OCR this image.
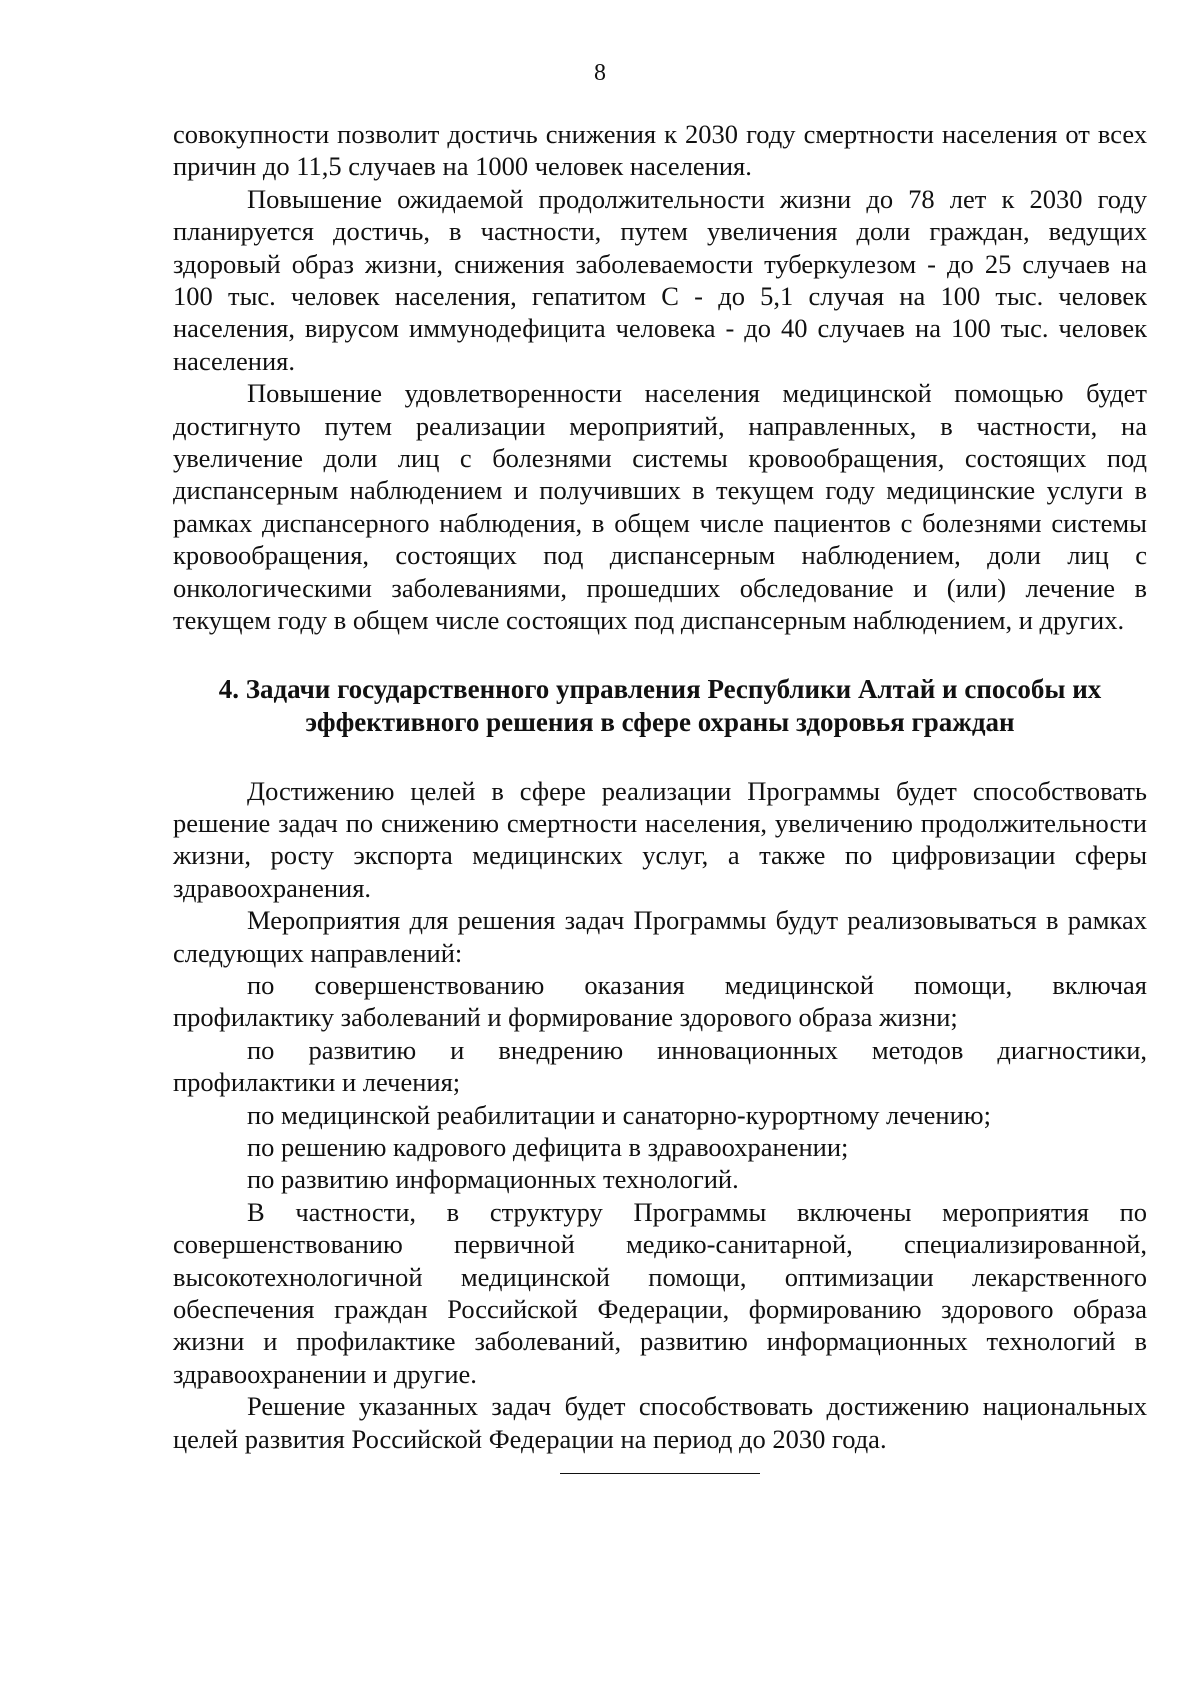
8

совокупности позволит достичь снижения к 2030 году смертности населения от всех причин до 11,5 случаев на 1000 человек населения.

Повышение ожидаемой продолжительности жизни до 78 лет к 2030 году планируется достичь, в частности, путем увеличения доли граждан, ведущих здоровый образ жизни, снижения заболеваемости туберкулезом - до 25 случаев на 100 тыс. человек населения, гепатитом С - до 5,1 случая на 100 тыс. человек населения, вирусом иммунодефицита человека - до 40 случаев на 100 тыс. человек населения.

Повышение удовлетворенности населения медицинской помощью будет достигнуто путем реализации мероприятий, направленных, в частности, на увеличение доли лиц с болезнями системы кровообращения, состоящих под диспансерным наблюдением и получивших в текущем году медицинские услуги в рамках диспансерного наблюдения, в общем числе пациентов с болезнями системы кровообращения, состоящих под диспансерным наблюдением, доли лиц с онкологическими заболеваниями, прошедших обследование и (или) лечение в текущем году в общем числе состоящих под диспансерным наблюдением, и других.

4. Задачи государственного управления Республики Алтай и способы их эффективного решения в сфере охраны здоровья граждан

Достижению целей в сфере реализации Программы будет способствовать решение задач по снижению смертности населения, увеличению продолжительности жизни, росту экспорта медицинских услуг, а также по цифровизации сферы здравоохранения.

Мероприятия для решения задач Программы будут реализовываться в рамках следующих направлений:

по совершенствованию оказания медицинской помощи, включая профилактику заболеваний и формирование здорового образа жизни;

по развитию и внедрению инновационных методов диагностики, профилактики и лечения;

по медицинской реабилитации и санаторно-курортному лечению;

по решению кадрового дефицита в здравоохранении;

по развитию информационных технологий.

В частности, в структуру Программы включены мероприятия по совершенствованию первичной медико-санитарной, специализированной, высокотехнологичной медицинской помощи, оптимизации лекарственного обеспечения граждан Российской Федерации, формированию здорового образа жизни и профилактике заболеваний, развитию информационных технологий в здравоохранении и другие.

Решение указанных задач будет способствовать достижению национальных целей развития Российской Федерации на период до 2030 года.
